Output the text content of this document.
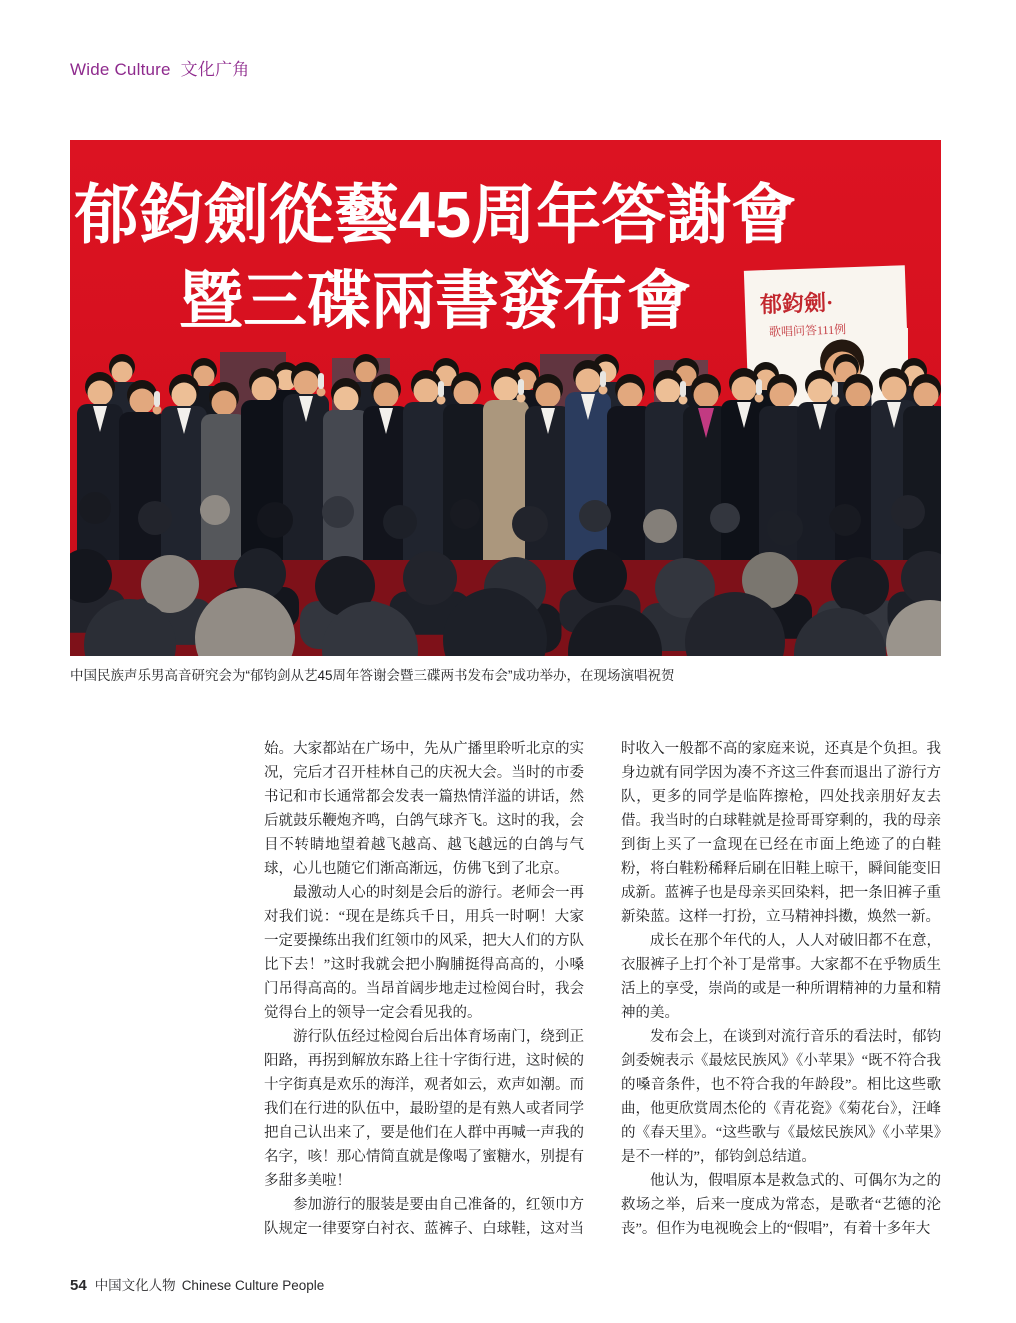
Wide Culture 文化广角
郁鈞劍從藝45周年答謝會
暨三碟兩書發布會	郁鈞劍·
歌唱问答111例

中国民族声乐男高音研究会为“郁钧剑从艺45周年答谢会暨三碟两书发布会”成功举办，在现场演唱祝贺

始。大家都站在广场中，先从广播里聆听北京的实况，完后才召开桂林自己的庆祝大会。当时的市委书记和市长通常都会发表一篇热情洋溢的讲话，然后就鼓乐鞭炮齐鸣，白鸽气球齐飞。这时的我，会目不转睛地望着越飞越高、越飞越远的白鸽与气球，心儿也随它们渐高渐远，仿佛飞到了北京。

最激动人心的时刻是会后的游行。老师会一再对我们说：“现在是练兵千日，用兵一时啊！大家一定要操练出我们红领巾的风采，把大人们的方队比下去！”这时我就会把小胸脯挺得高高的，小嗓门吊得高高的。当昂首阔步地走过检阅台时，我会觉得台上的领导一定会看见我的。

游行队伍经过检阅台后出体育场南门，绕到正阳路，再拐到解放东路上往十字街行进，这时候的十字街真是欢乐的海洋，观者如云，欢声如潮。而我们在行进的队伍中，最盼望的是有熟人或者同学把自己认出来了，要是他们在人群中再喊一声我的名字，咳！那心情简直就是像喝了蜜糖水，别提有多甜多美啦！

参加游行的服装是要由自己准备的，红领巾方队规定一律要穿白衬衣、蓝裤子、白球鞋，这对当时收入一般都不高的家庭来说，还真是个负担。我身边就有同学因为凑不齐这三件套而退出了游行方队，更多的同学是临阵擦枪，四处找亲朋好友去借。我当时的白球鞋就是捡哥哥穿剩的，我的母亲到街上买了一盒现在已经在市面上绝迹了的白鞋粉，将白鞋粉稀释后刷在旧鞋上晾干，瞬间能变旧成新。蓝裤子也是母亲买回染料，把一条旧裤子重新染蓝。这样一打扮，立马精神抖擞，焕然一新。

成长在那个年代的人，人人对破旧都不在意，衣服裤子上打个补丁是常事。大家都不在乎物质生活上的享受，崇尚的或是一种所谓精神的力量和精神的美。

发布会上，在谈到对流行音乐的看法时，郁钧剑委婉表示《最炫民族风》《小苹果》“既不符合我的嗓音条件，也不符合我的年龄段”。相比这些歌曲，他更欣赏周杰伦的《青花瓷》《菊花台》，汪峰的《春天里》。“这些歌与《最炫民族风》《小苹果》是不一样的”，郁钧剑总结道。

他认为，假唱原本是救急式的、可偶尔为之的救场之举，后来一度成为常态，是歌者“艺德的沦丧”。但作为电视晚会上的“假唱”，有着十多年大

54 中国文化人物 Chinese Culture People
